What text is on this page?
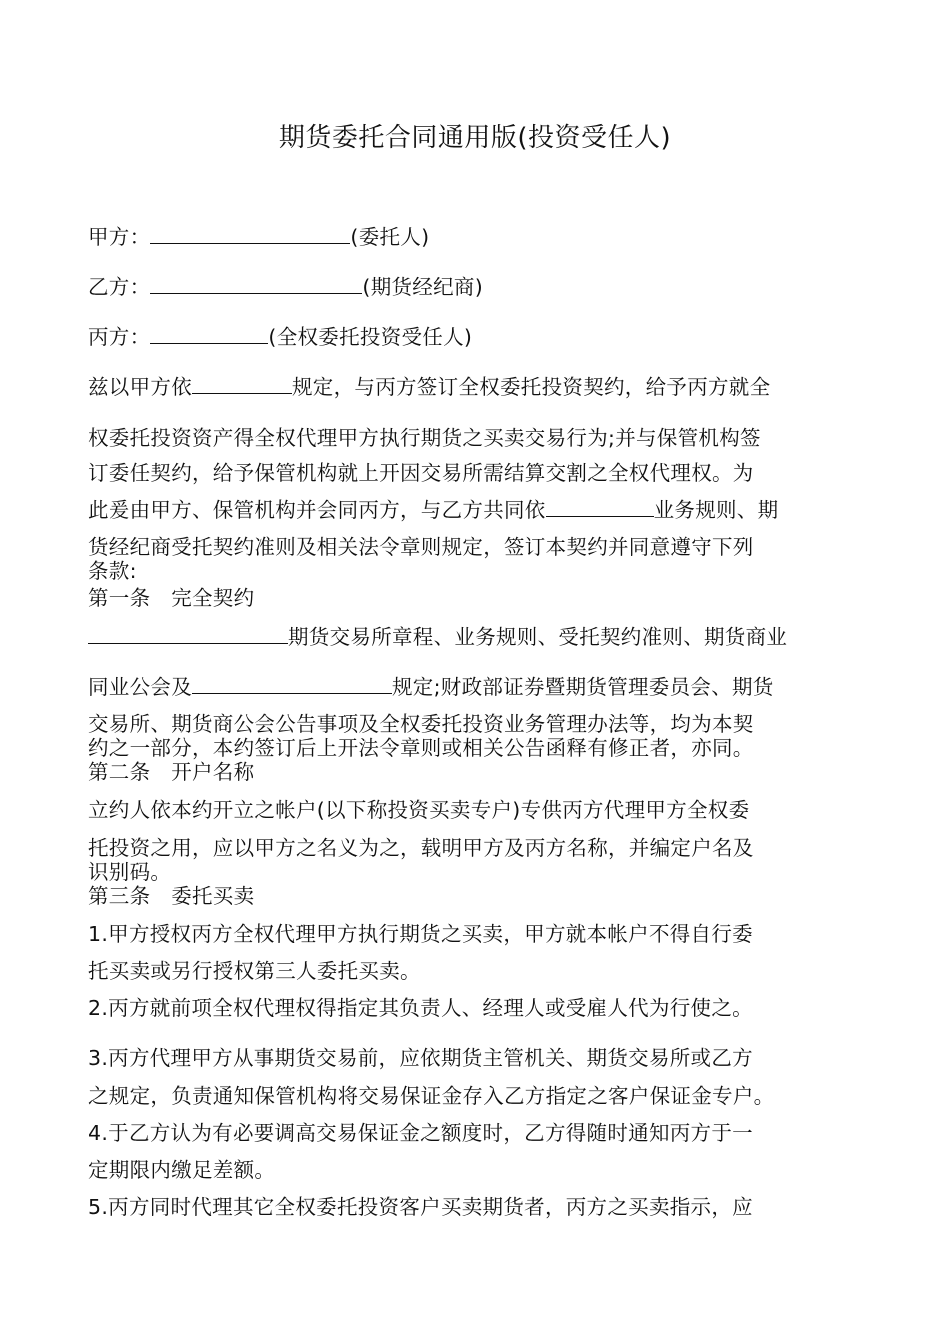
期货委托合同通用版(投资受任人)
甲方：	(委托人)
乙方：	(期货经纪商)
丙方：	(全权委托投资受任人)
兹以甲方依	规定，与丙方签订全权委托投资契约，给予丙方就全
权委托投资资产得全权代理甲方执行期货之买卖交易行为;并与保管机构签
订委任契约，给予保管机构就上开因交易所需结算交割之全权代理权。为
此爰由甲方、保管机构并会同丙方，与乙方共同依	业务规则、期
货经纪商受托契约准则及相关法令章则规定，签订本契约并同意遵守下列
条款:
第一条　完全契约
期货交易所章程、业务规则、受托契约准则、期货商业
同业公会及	规定;财政部证券暨期货管理委员会、期货
交易所、期货商公会公告事项及全权委托投资业务管理办法等，均为本契
约之一部分，本约签订后上开法令章则或相关公告函释有修正者，亦同。
第二条　开户名称
立约人依本约开立之帐户(以下称投资买卖专户)专供丙方代理甲方全权委
托投资之用，应以甲方之名义为之，载明甲方及丙方名称，并编定户名及
识别码。
第三条　委托买卖
1.甲方授权丙方全权代理甲方执行期货之买卖，甲方就本帐户不得自行委
托买卖或另行授权第三人委托买卖。
2.丙方就前项全权代理权得指定其负责人、经理人或受雇人代为行使之。
3.丙方代理甲方从事期货交易前，应依期货主管机关、期货交易所或乙方
之规定，负责通知保管机构将交易保证金存入乙方指定之客户保证金专户。
4.于乙方认为有必要调高交易保证金之额度时，乙方得随时通知丙方于一
定期限内缴足差额。
5.丙方同时代理其它全权委托投资客户买卖期货者，丙方之买卖指示，应
